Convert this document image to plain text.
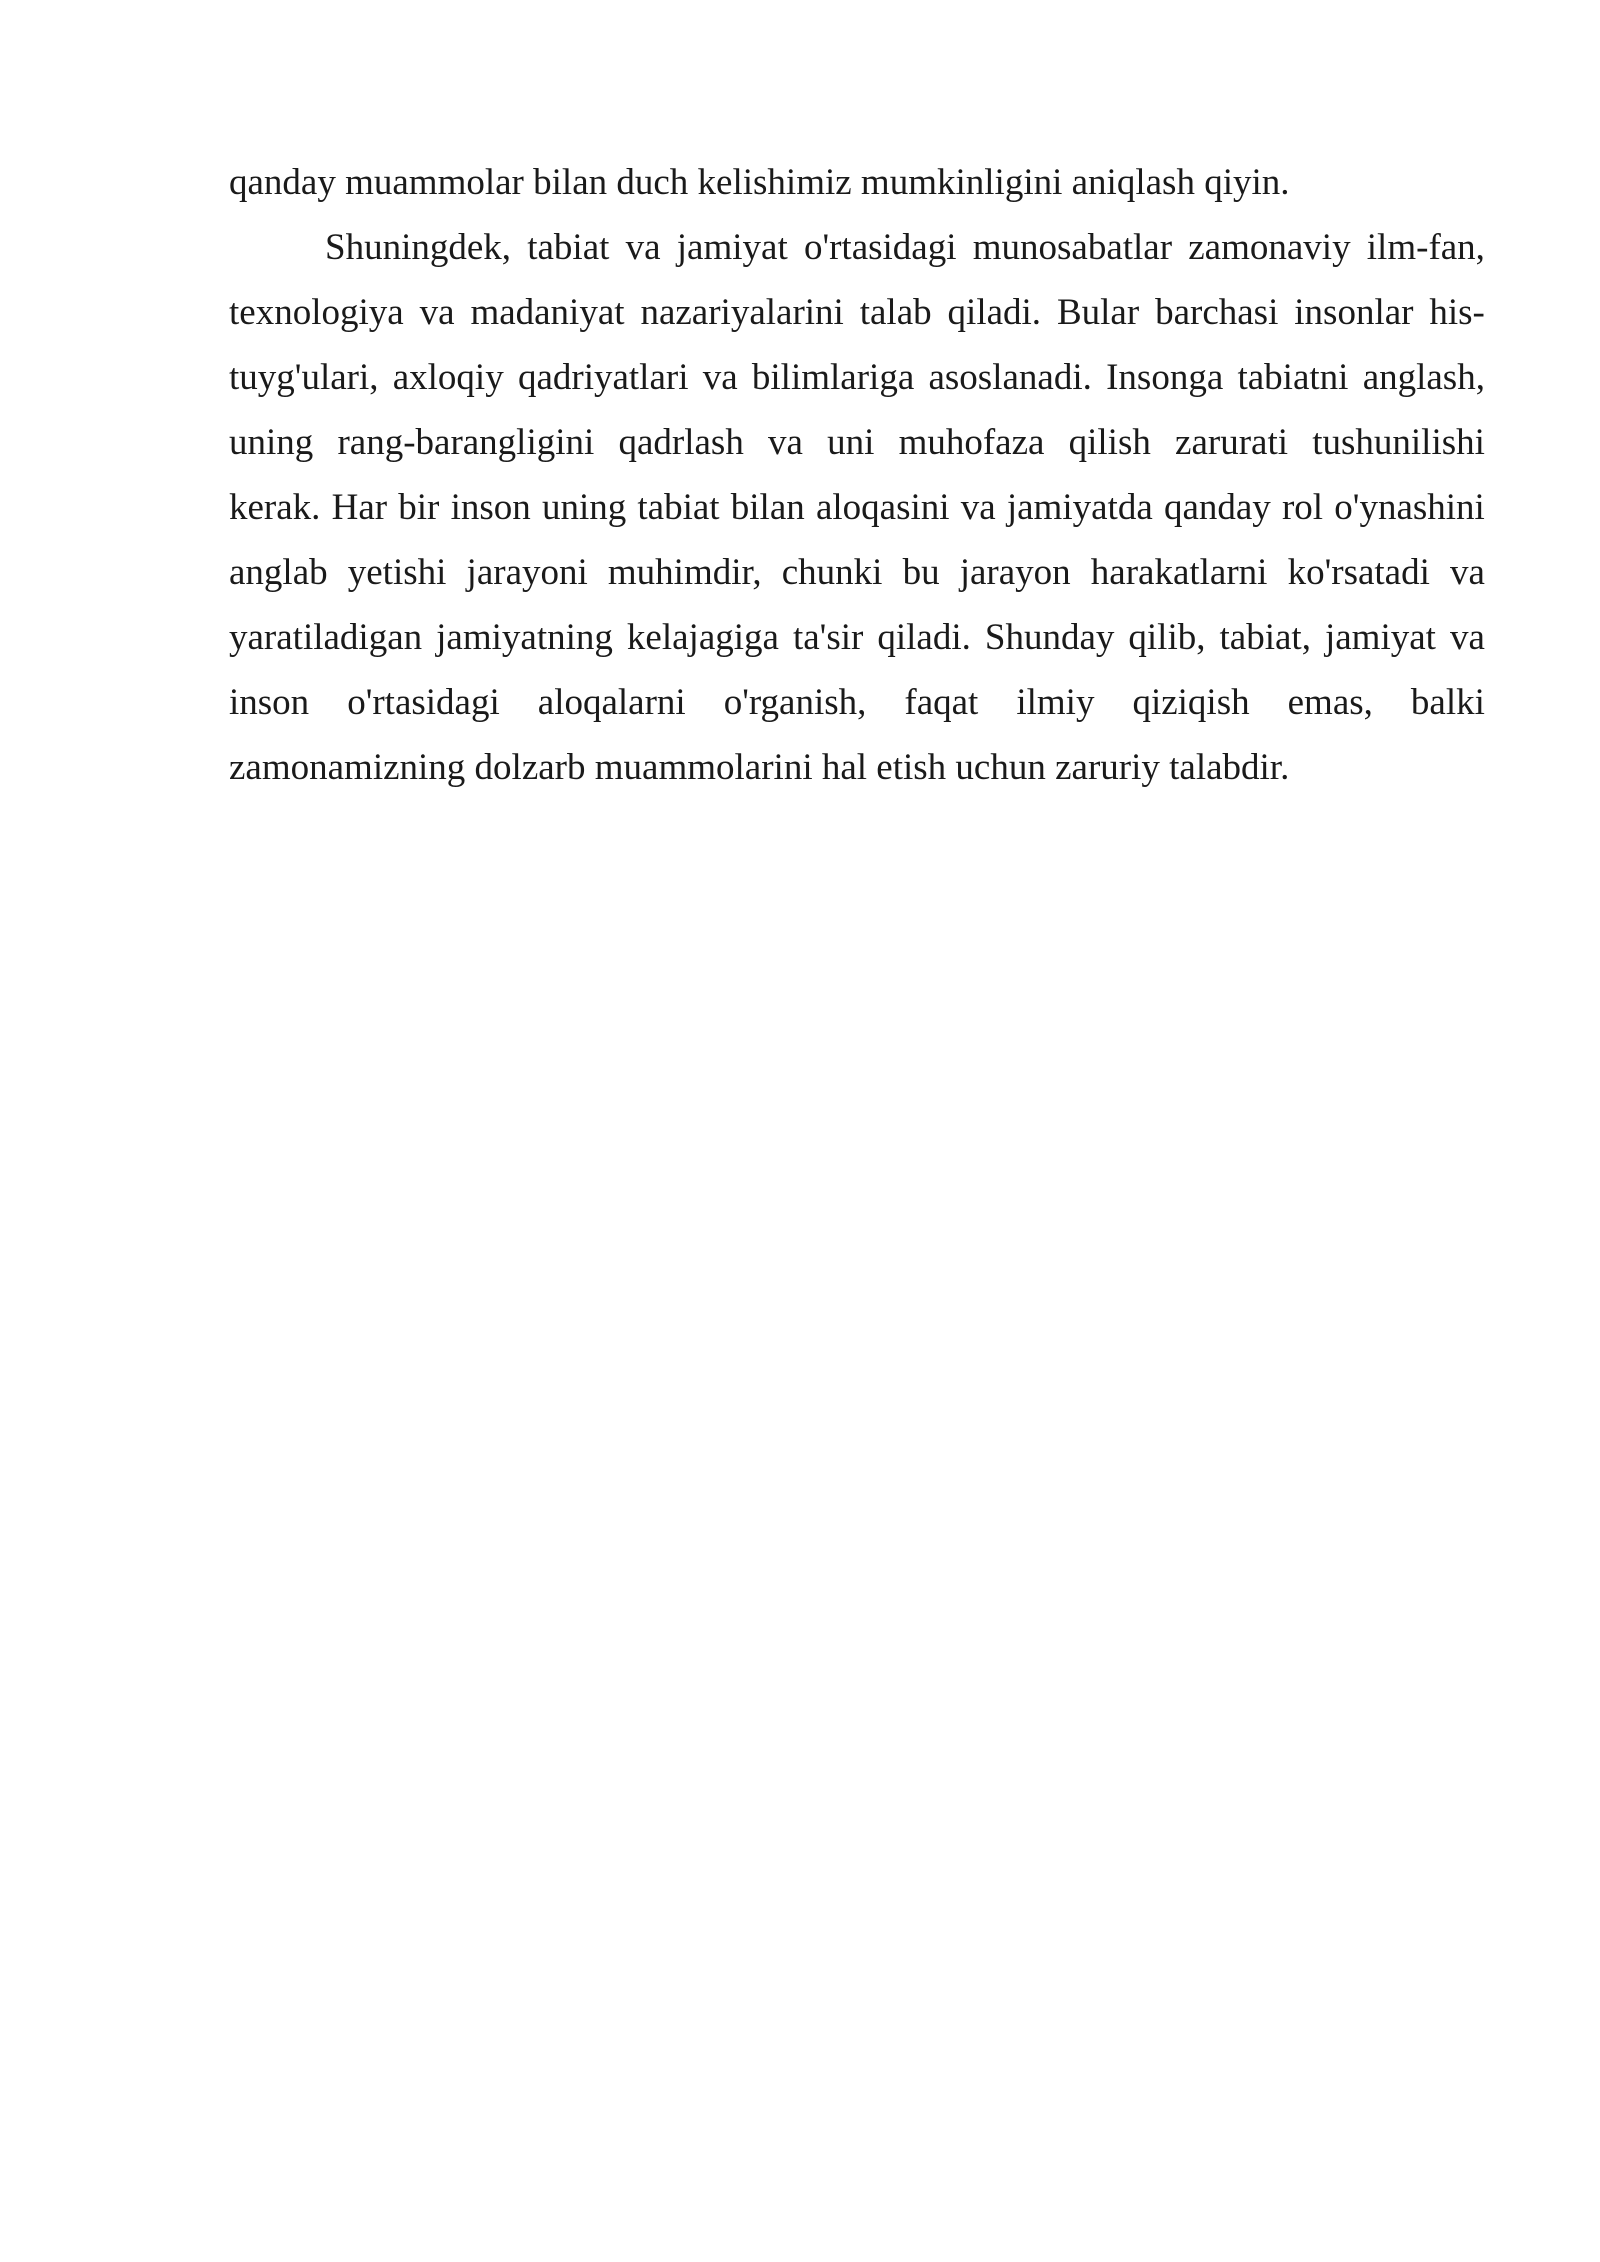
qanday muammolar bilan duch kelishimiz mumkinligini aniqlash qiyin.
Shuningdek, tabiat va jamiyat o'rtasidagi munosabatlar zamonaviy ilm-fan,
texnologiya va madaniyat nazariyalarini talab qiladi. Bular barchasi insonlar his-
tuyg'ulari, axloqiy qadriyatlari va bilimlariga asoslanadi. Insonga tabiatni anglash,
uning rang-barangligini qadrlash va uni muhofaza qilish zarurati tushunilishi
kerak. Har bir inson uning tabiat bilan aloqasini va jamiyatda qanday rol o'ynashini
anglab yetishi jarayoni muhimdir, chunki bu jarayon harakatlarni ko'rsatadi va
yaratiladigan jamiyatning kelajagiga ta'sir qiladi. Shunday qilib, tabiat, jamiyat va
inson o'rtasidagi aloqalarni o'rganish, faqat ilmiy qiziqish emas, balki
zamonamizning dolzarb muammolarini hal etish uchun zaruriy talabdir.
